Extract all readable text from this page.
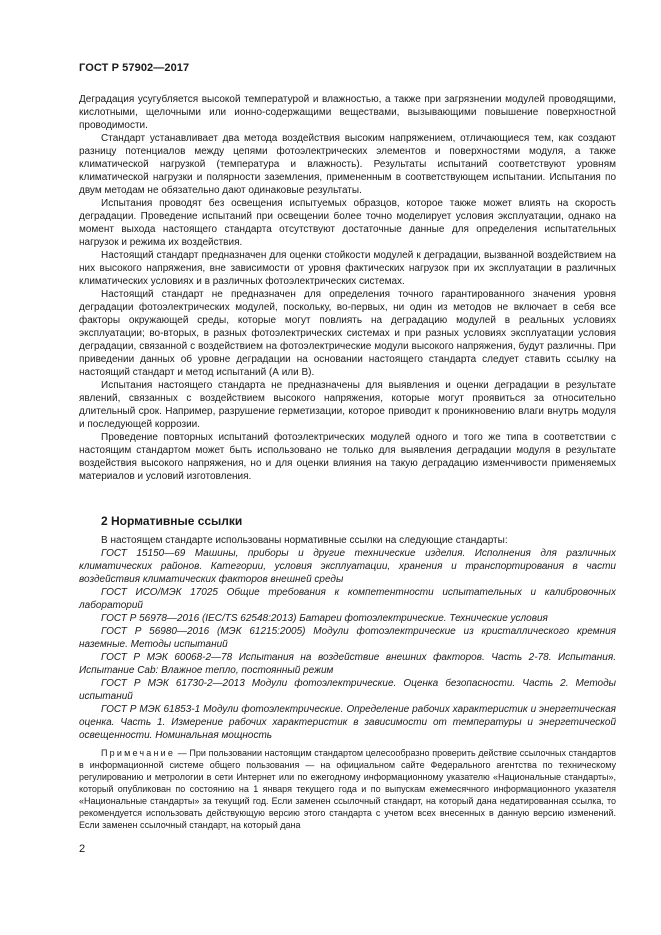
ГОСТ Р 57902—2017

Деградация усугубляется высокой температурой и влажностью, а также при загрязнении модулей проводящими, кислотными, щелочными или ионно-содержащими веществами, вызывающими повышение поверхностной проводимости.

Стандарт устанавливает два метода воздействия высоким напряжением, отличающиеся тем, как создают разницу потенциалов между цепями фотоэлектрических элементов и поверхностями модуля, а также климатической нагрузкой (температура и влажность). Результаты испытаний соответствуют уровням климатической нагрузки и полярности заземления, примененным в соответствующем испытании. Испытания по двум методам не обязательно дают одинаковые результаты.

Испытания проводят без освещения испытуемых образцов, которое также может влиять на скорость деградации. Проведение испытаний при освещении более точно моделирует условия эксплуатации, однако на момент выхода настоящего стандарта отсутствуют достаточные данные для определения испытательных нагрузок и режима их воздействия.

Настоящий стандарт предназначен для оценки стойкости модулей к деградации, вызванной воздействием на них высокого напряжения, вне зависимости от уровня фактических нагрузок при их эксплуатации в различных климатических условиях и в различных фотоэлектрических системах.

Настоящий стандарт не предназначен для определения точного гарантированного значения уровня деградации фотоэлектрических модулей, поскольку, во-первых, ни один из методов не включает в себя все факторы окружающей среды, которые могут повлиять на деградацию модулей в реальных условиях эксплуатации; во-вторых, в разных фотоэлектрических системах и при разных условиях эксплуатации условия деградации, связанной с воздействием на фотоэлектрические модули высокого напряжения, будут различны. При приведении данных об уровне деградации на основании настоящего стандарта следует ставить ссылку на настоящий стандарт и метод испытаний (А или В).

Испытания настоящего стандарта не предназначены для выявления и оценки деградации в результате явлений, связанных с воздействием высокого напряжения, которые могут проявиться за относительно длительный срок. Например, разрушение герметизации, которое приводит к проникновению влаги внутрь модуля и последующей коррозии.

Проведение повторных испытаний фотоэлектрических модулей одного и того же типа в соответствии с настоящим стандартом может быть использовано не только для выявления деградации модуля в результате воздействия высокого напряжения, но и для оценки влияния на такую деградацию изменчивости применяемых материалов и условий изготовления.

2 Нормативные ссылки

В настоящем стандарте использованы нормативные ссылки на следующие стандарты:

ГОСТ 15150—69 Машины, приборы и другие технические изделия. Исполнения для различных климатических районов. Категории, условия эксплуатации, хранения и транспортирования в части воздействия климатических факторов внешней среды

ГОСТ ИСО/МЭК 17025 Общие требования к компетентности испытательных и калибровочных лабораторий

ГОСТ Р 56978—2016 (IEC/TS 62548:2013) Батареи фотоэлектрические. Технические условия

ГОСТ Р 56980—2016 (МЭК 61215:2005) Модули фотоэлектрические из кристаллического кремния наземные. Методы испытаний

ГОСТ Р МЭК 60068-2—78 Испытания на воздействие внешних факторов. Часть 2-78. Испытания. Испытание Cab: Влажное тепло, постоянный режим

ГОСТ Р МЭК 61730-2—2013 Модули фотоэлектрические. Оценка безопасности. Часть 2. Методы испытаний

ГОСТ Р МЭК 61853-1 Модули фотоэлектрические. Определение рабочих характеристик и энергетическая оценка. Часть 1. Измерение рабочих характеристик в зависимости от температуры и энергетической освещенности. Номинальная мощность

Примечание — При пользовании настоящим стандартом целесообразно проверить действие ссылочных стандартов в информационной системе общего пользования — на официальном сайте Федерального агентства по техническому регулированию и метрологии в сети Интернет или по ежегодному информационному указателю «Национальные стандарты», который опубликован по состоянию на 1 января текущего года и по выпускам ежемесячного информационного указателя «Национальные стандарты» за текущий год. Если заменен ссылочный стандарт, на который дана недатированная ссылка, то рекомендуется использовать действующую версию этого стандарта с учетом всех внесенных в данную версию изменений. Если заменен ссылочный стандарт, на который дана

2
